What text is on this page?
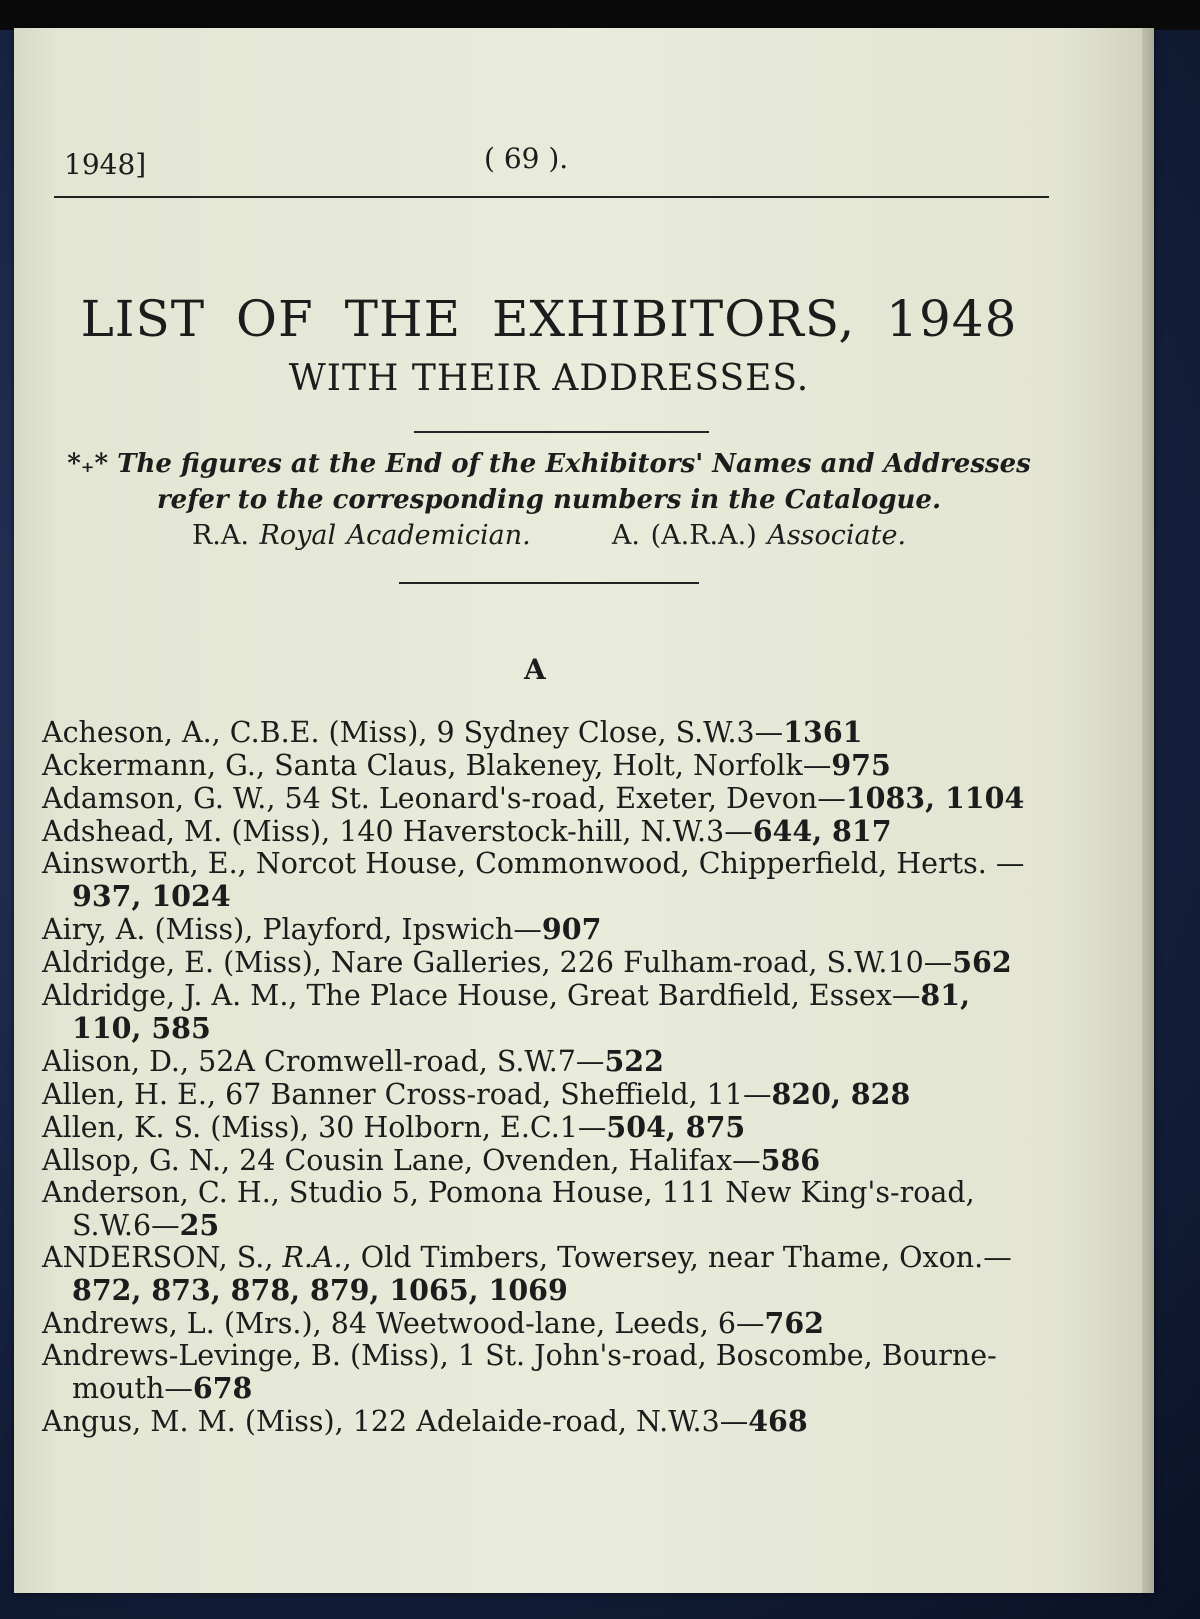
1948]	( 69 ).
LIST OF THE EXHIBITORS, 1948
WITH THEIR ADDRESSES.
*₊* The figures at the End of the Exhibitors' Names and Addresses
refer to the corresponding numbers in the Catalogue.
R.A. Royal Academician.	A. (A.R.A.) Associate.
A
Acheson, A., C.B.E. (Miss), 9 Sydney Close, S.W.3—1361
Ackermann, G., Santa Claus, Blakeney, Holt, Norfolk—975
Adamson, G. W., 54 St. Leonard's-road, Exeter, Devon—1083, 1104
Adshead, M. (Miss), 140 Haverstock-hill, N.W.3—644, 817
Ainsworth, E., Norcot House, Commonwood, Chipperfield, Herts. —937, 1024
Airy, A. (Miss), Playford, Ipswich—907
Aldridge, E. (Miss), Nare Galleries, 226 Fulham-road, S.W.10—562
Aldridge, J. A. M., The Place House, Great Bardfield, Essex—81, 110, 585
Alison, D., 52A Cromwell-road, S.W.7—522
Allen, H. E., 67 Banner Cross-road, Sheffield, 11—820, 828
Allen, K. S. (Miss), 30 Holborn, E.C.1—504, 875
Allsop, G. N., 24 Cousin Lane, Ovenden, Halifax—586
Anderson, C. H., Studio 5, Pomona House, 111 New King's-road, S.W.6—25
ANDERSON, S., R.A., Old Timbers, Towersey, near Thame, Oxon.—872, 873, 878, 879, 1065, 1069
Andrews, L. (Mrs.), 84 Weetwood-lane, Leeds, 6—762
Andrews-Levinge, B. (Miss), 1 St. John's-road, Boscombe, Bourne-mouth—678
Angus, M. M. (Miss), 122 Adelaide-road, N.W.3—468
